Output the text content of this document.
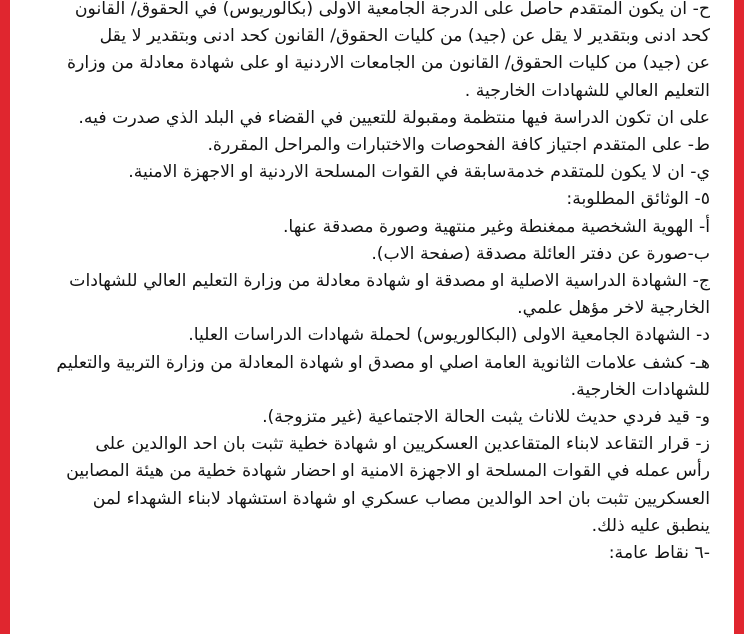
ح- ان يكون المتقدم حاصل على الدرجة الجامعية الاولى (بكالوريوس) في الحقوق/ القانون
كحد ادنى وبتقدير لا يقل عن (جيد) من كليات الحقوق/ القانون كحد ادنى وبتقدير لا يقل
عن (جيد) من كليات الحقوق/ القانون من الجامعات الاردنية او على شهادة معادلة من وزارة
التعليم العالي للشهادات الخارجية .
على ان تكون الدراسة فيها منتظمة ومقبولة للتعيين في القضاء في البلد الذي صدرت فيه.
ط- على المتقدم اجتياز كافة الفحوصات والاختبارات والمراحل المقررة.
ي- ان لا يكون للمتقدم خدمةسابقة في القوات المسلحة الاردنية او الاجهزة الامنية.
٥- الوثائق المطلوبة:
أ- الهوية الشخصية ممغنطة وغير منتهية وصورة مصدقة عنها.
ب-صورة عن دفتر العائلة مصدقة (صفحة الاب).
ج- الشهادة الدراسية الاصلية او مصدقة او شهادة معادلة من وزارة التعليم العالي للشهادات
الخارجية لاخر مؤهل علمي.
د- الشهادة الجامعية الاولى (البكالوريوس) لحملة شهادات الدراسات العليا.
هـ- كشف علامات الثانوية العامة اصلي او مصدق او شهادة المعادلة من وزارة التربية والتعليم
للشهادات الخارجية.
و- قيد فردي حديث للاناث يثبت الحالة الاجتماعية (غير متزوجة).
ز- قرار التقاعد لابناء المتقاعدين العسكريين او شهادة خطية تثبت بان احد الوالدين على
رأس عمله في القوات المسلحة او الاجهزة الامنية او احضار شهادة خطية من هيئة المصابين
العسكريين تثبت بان احد الوالدين مصاب عسكري او شهادة استشهاد لابناء الشهداء لمن
ينطبق عليه ذلك.
-٦ نقاط عامة:
